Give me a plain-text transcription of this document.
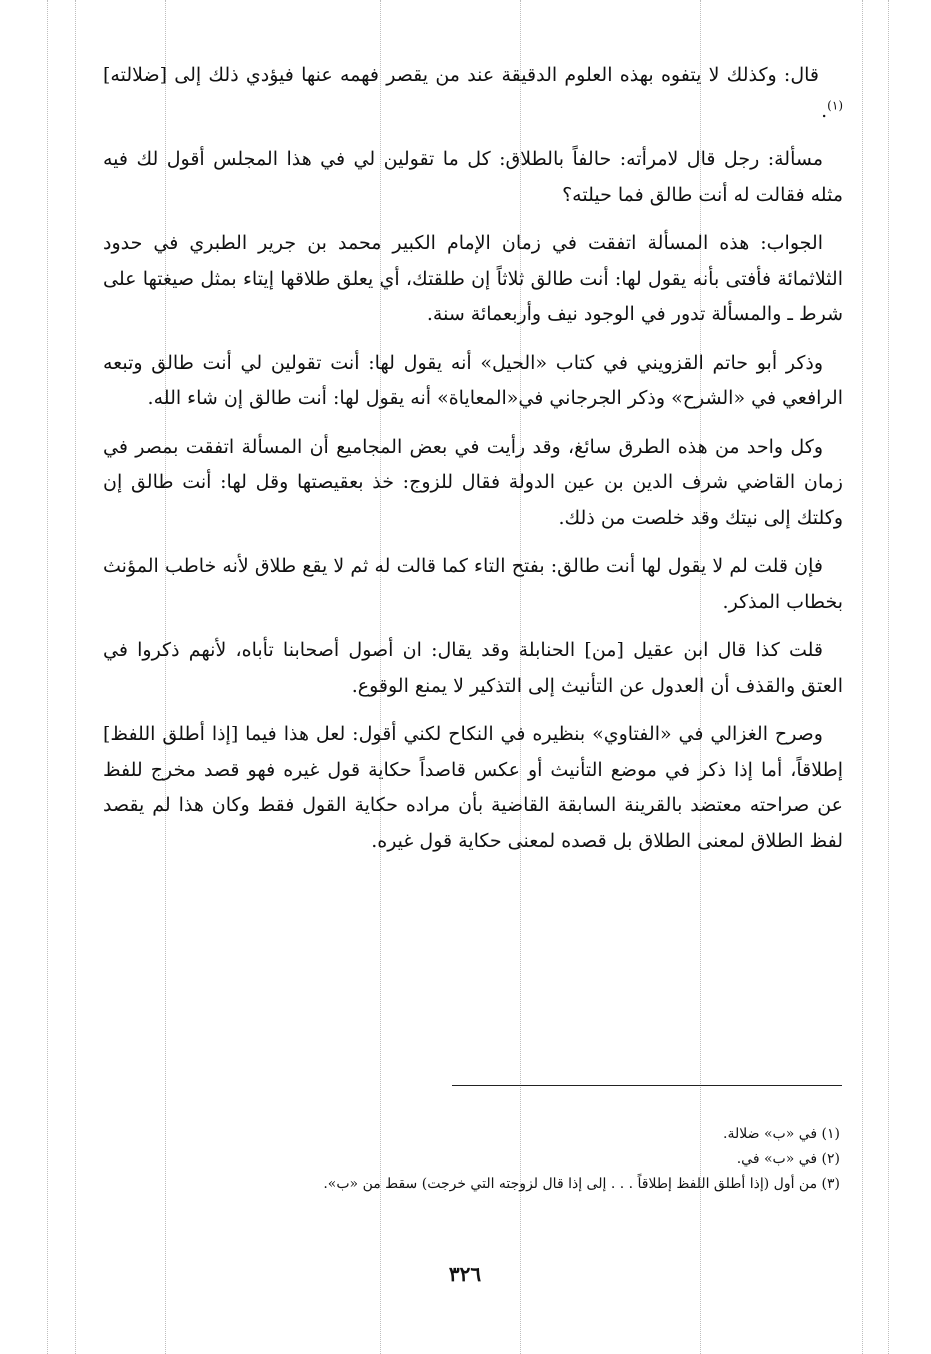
قال: وكذلك لا يتفوه بهذه العلوم الدقيقة عند من يقصر فهمه عنها فيؤدي ذلك إلى [ضلالته]$^{(١)}$.

مسألة: رجل قال لامرأته: حالفاً بالطلاق: كل ما تقولين لي في هذا المجلس أقول لك فيه مثله فقالت له أنت طالق فما حيلته؟

الجواب: هذه المسألة اتفقت في زمان الإمام الكبير محمد بن جرير الطبري في حدود الثلاثمائة فأفتى بأنه يقول لها: أنت طالق ثلاثاً إن طلقتك، أي يعلق طلاقها إيتاء بمثل صيغتها على شرط ـ والمسألة تدور في الوجود نيف وأربعمائة سنة.

وذكر أبو حاتم القزويني في كتاب «الحيل» أنه يقول لها: أنت تقولين لي أنت طالق وتبعه الرافعي في «الشرح» وذكر الجرجاني في«المعاياة» أنه يقول لها: أنت طالق إن شاء الله.

وكل واحد من هذه الطرق سائغ، وقد رأيت في بعض المجاميع أن المسألة اتفقت بمصر في زمان القاضي شرف الدين بن عين الدولة فقال للزوج: خذ بعقيصتها وقل لها: أنت طالق إن وكلتك إلى نيتك وقد خلصت من ذلك.

فإن قلت لم لا يقول لها أنت طالق: بفتح التاء كما قالت له ثم لا يقع طلاق لأنه خاطب المؤنث بخطاب المذكر.

قلت كذا قال ابن عقيل [من] الحنابلة وقد يقال: ان أصول أصحابنا تأباه، لأنهم ذكروا في العتق والقذف أن العدول عن التأنيث إلى التذكير لا يمنع الوقوع.

وصرح الغزالي في «الفتاوي» بنظيره في النكاح لكني أقول: لعل هذا فيما [إذا أطلق اللفظ] إطلاقاً، أما إذا ذكر في موضع التأنيث أو عكس قاصداً حكاية قول غيره فهو قصد مخرج للفظ عن صراحته معتضد بالقرينة السابقة القاضية بأن مراده حكاية القول فقط وكان هذا لم يقصد لفظ الطلاق لمعنى الطلاق بل قصده لمعنى حكاية قول غيره.

(١) في «ب» ضلالة.

(٢) في «ب» في.

(٣) من أول (إذا أطلق اللفظ إطلاقاً . . . إلى إذا قال لزوجته التي خرجت) سقط من «ب».

٣٢٦
